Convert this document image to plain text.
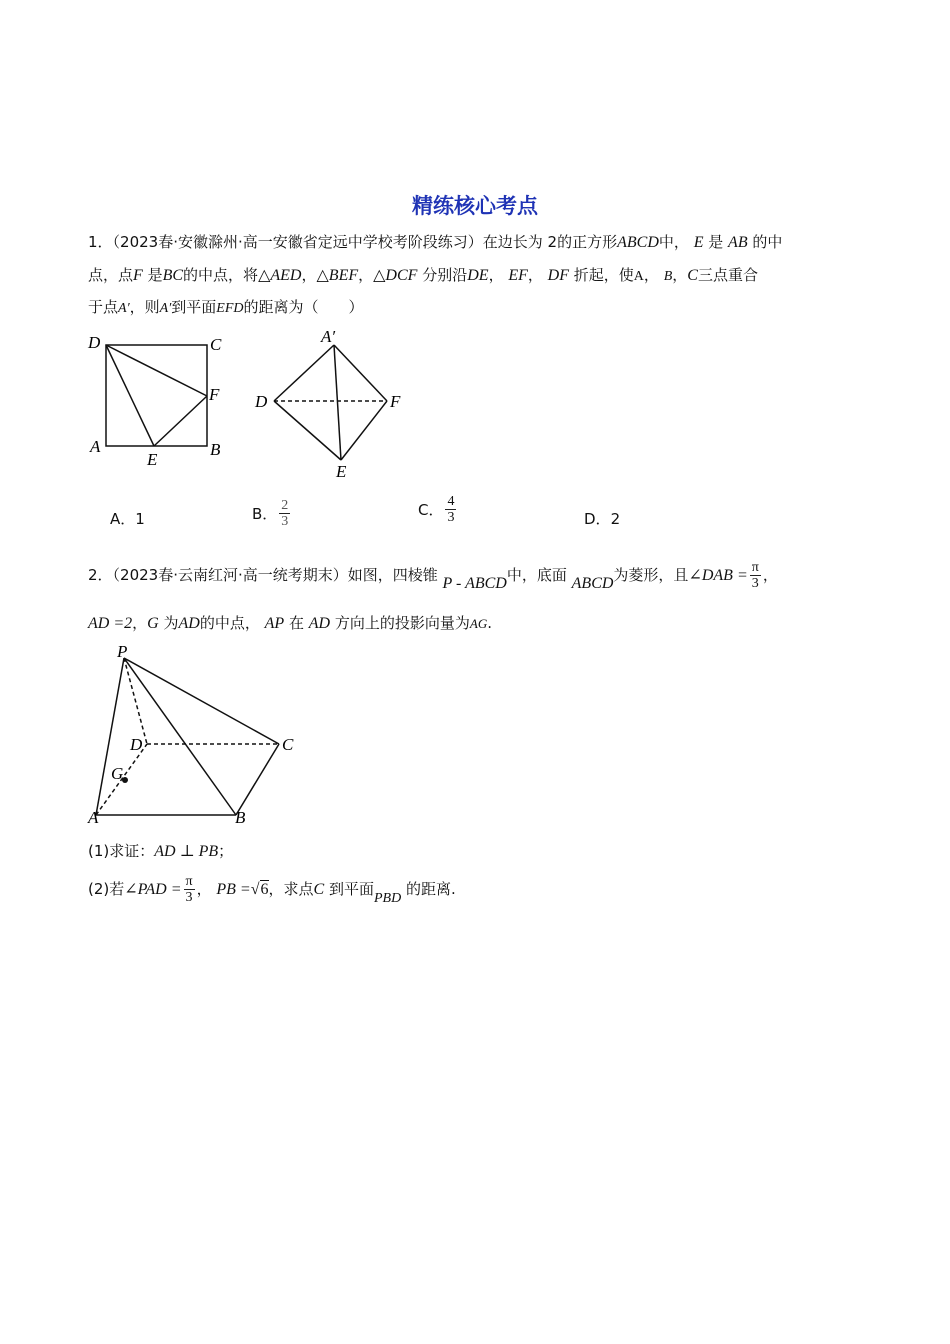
精练核心考点
1．（2023春·安徽滁州·高一安徽省定远中学校考阶段练习）在边长为 2的正方形ABCD中， E 是 AB 的中
点，点F 是BC的中点，将△AED，△BEF，△DCF 分别沿DE， EF， DF 折起，使A， B，C三点重合
于点A′，则A′到平面EFD的距离为（　　）
D	C
F
A
E
B
A′
D	F
E
A．1	B． $\frac{2}{3}$	C． $\frac{4}{3}$	D．2
2．（2023春·云南红河·高一统考期末）如图，四棱锥 P - ABCD中，底面 ABCD为菱形，且∠DAB = $\frac{\pi}{3}$ ，
AD =2，G 为AD的中点， AP 在 AD 方向上的投影向量为AG.
P
D	C
G
A	B
(1)求证：AD ⊥ PB；
(2)若∠PAD = $\frac{\pi}{3}$ ， PB =√6，求点C 到平面PBD 的距离.
